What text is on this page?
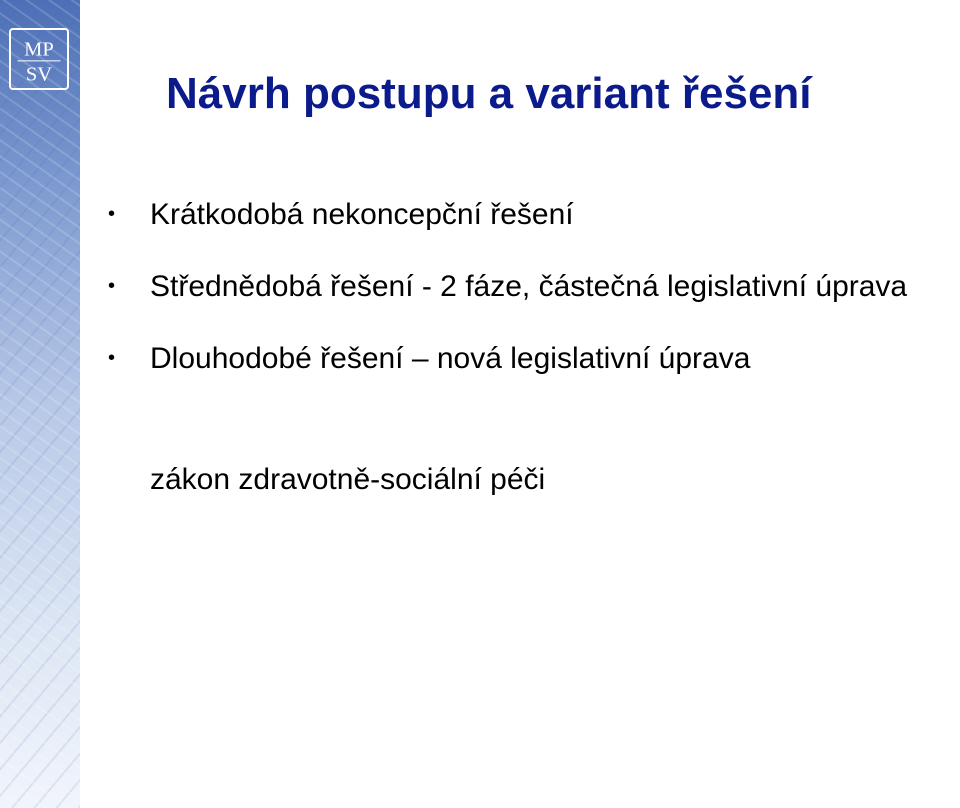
MP
SV	Návrh postupu a variant řešení
• Krátkodobá nekoncepční řešení
• Střednědobá řešení - 2 fáze, částečná legislativní úprava
• Dlouhodobé řešení – nová legislativní úprava

zákon zdravotně-sociální péči
